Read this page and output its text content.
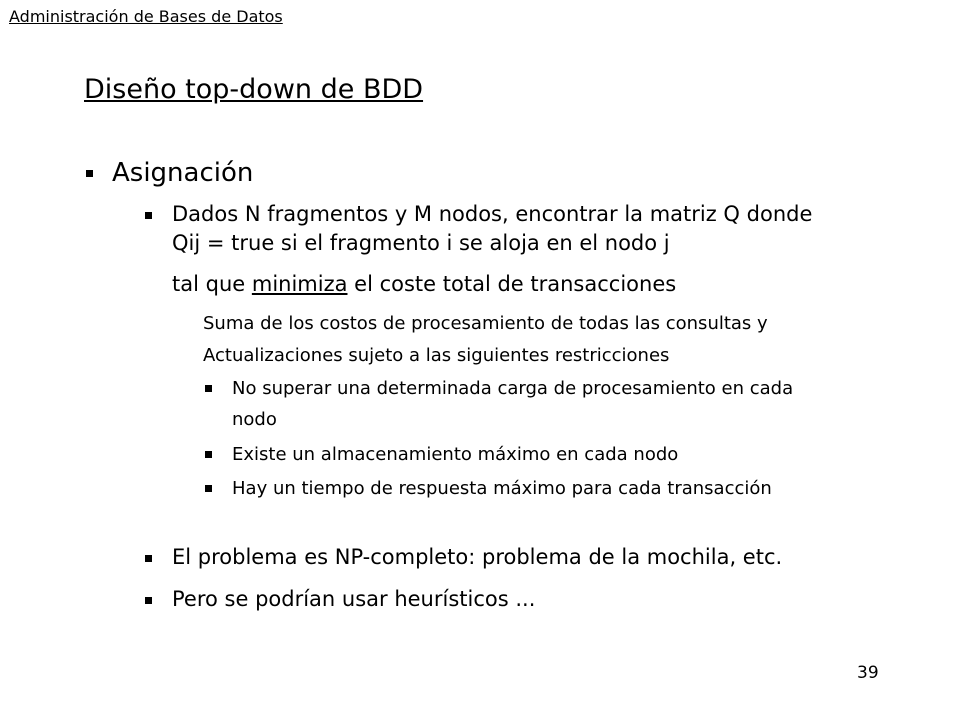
Administración de Bases de Datos
Diseño top-down de BDD
Asignación
Dados N fragmentos y M nodos, encontrar la matriz Q donde
Qij = true si el fragmento i se aloja en el nodo j
tal que minimiza el coste total de transacciones
Suma de los costos de procesamiento de todas las consultas y
Actualizaciones sujeto a las siguientes restricciones
No superar una determinada carga de procesamiento en cada
nodo
Existe un almacenamiento máximo en cada nodo
Hay un tiempo de respuesta máximo para cada transacción
El problema es NP-completo: problema de la mochila, etc.
Pero se podrían usar heurísticos ...
39
